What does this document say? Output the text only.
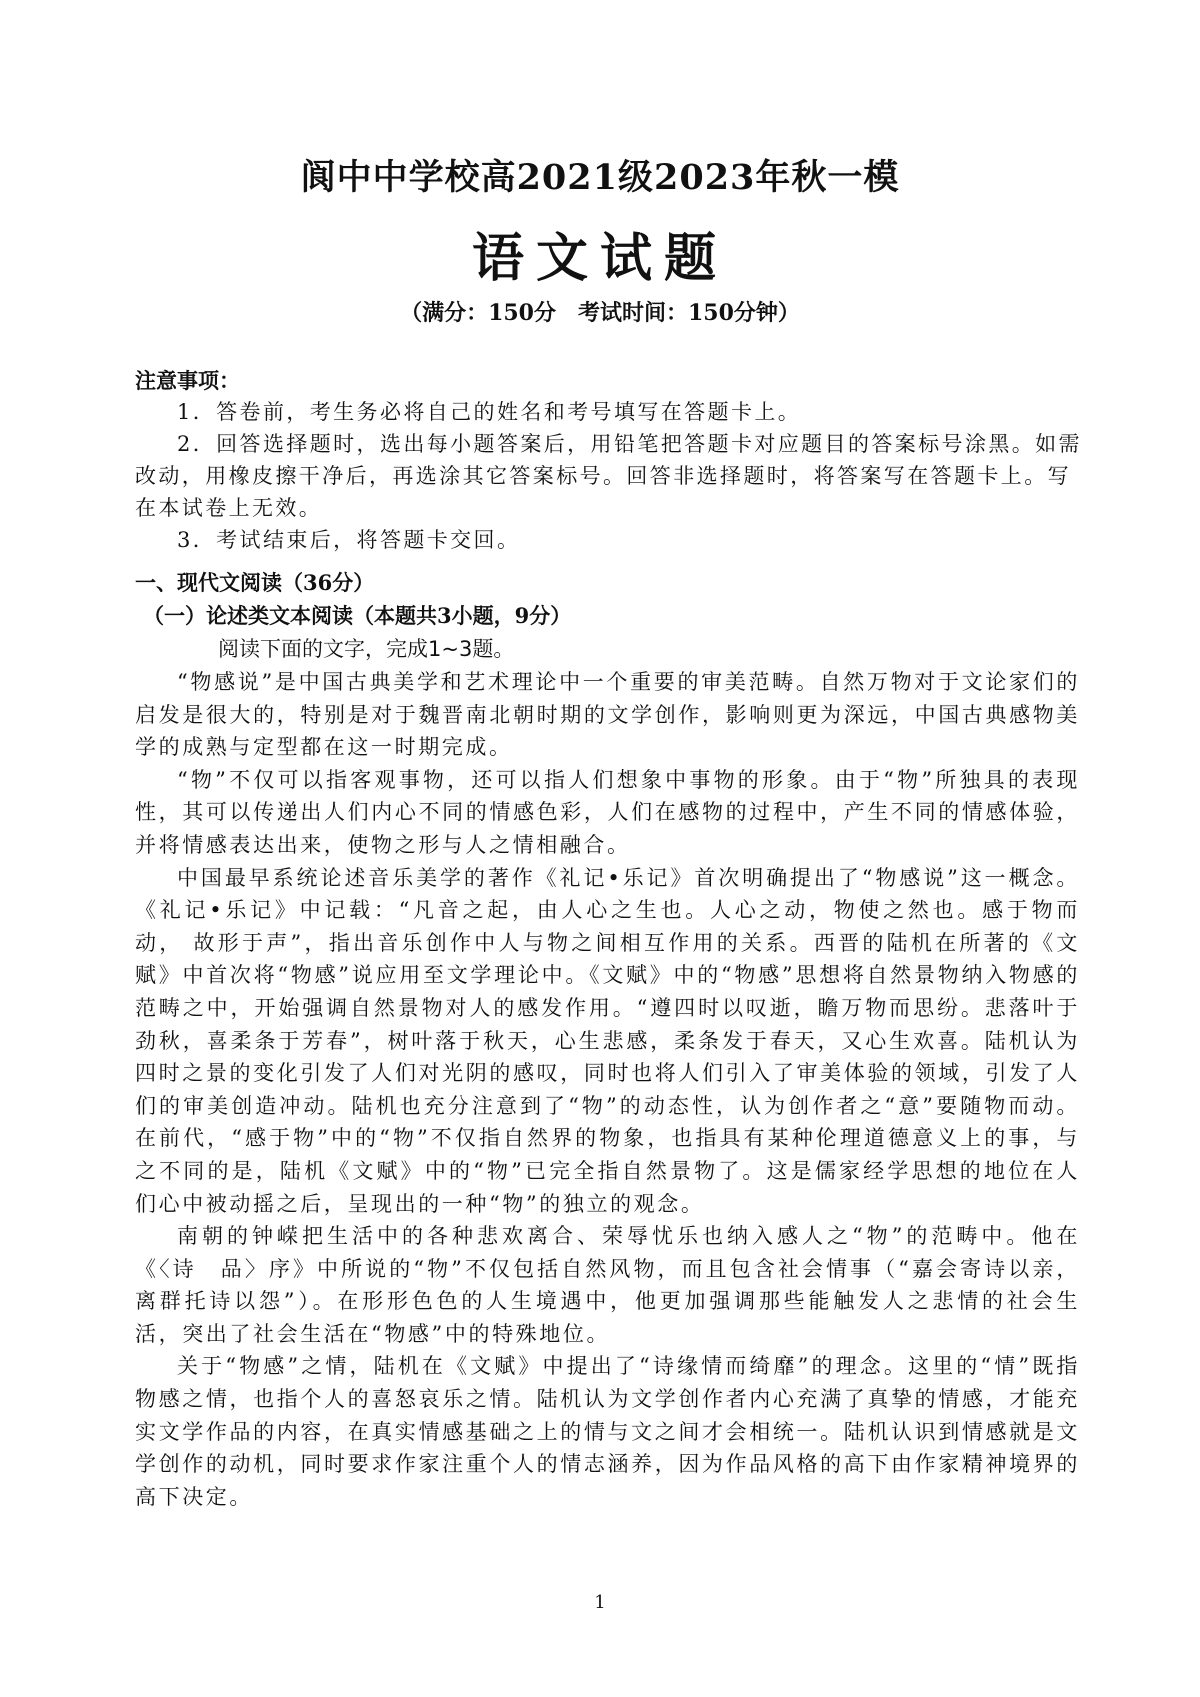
阆中中学校高2021级2023年秋一模
语文试题
（满分：150分　考试时间：150分钟）
注意事项：

1．答卷前，考生务必将自己的姓名和考号填写在答题卡上。

2．回答选择题时，选出每小题答案后，用铅笔把答题卡对应题目的答案标号涂黑。如需改动，用橡皮擦干净后，再选涂其它答案标号。回答非选择题时，将答案写在答题卡上。写在本试卷上无效。

3．考试结束后，将答题卡交回。

一、现代文阅读（36分）
（一）论述类文本阅读（本题共3小题，9分）
阅读下面的文字，完成1~3题。

“物感说”是中国古典美学和艺术理论中一个重要的审美范畴。自然万物对于文论家们的启发是很大的，特别是对于魏晋南北朝时期的文学创作，影响则更为深远，中国古典感物美学的成熟与定型都在这一时期完成。

“物”不仅可以指客观事物，还可以指人们想象中事物的形象。由于“物”所独具的表现性，其可以传递出人们内心不同的情感色彩，人们在感物的过程中，产生不同的情感体验，并将情感表达出来，使物之形与人之情相融合。

中国最早系统论述音乐美学的著作《礼记•乐记》首次明确提出了“物感说”这一概念。《礼记•乐记》中记载：“凡音之起，由人心之生也。人心之动，物使之然也。感于物而动， 故形于声”，指出音乐创作中人与物之间相互作用的关系。西晋的陆机在所著的《文赋》中首次将“物感”说应用至文学理论中。《文赋》中的“物感”思想将自然景物纳入物感的范畴之中，开始强调自然景物对人的感发作用。“遵四时以叹逝，瞻万物而思纷。悲落叶于劲秋，喜柔条于芳春”，树叶落于秋天，心生悲感，柔条发于春天，又心生欢喜。陆机认为四时之景的变化引发了人们对光阴的感叹，同时也将人们引入了审美体验的领域，引发了人们的审美创造冲动。陆机也充分注意到了“物”的动态性，认为创作者之“意”要随物而动。在前代，“感于物”中的“物”不仅指自然界的物象，也指具有某种伦理道德意义上的事，与之不同的是，陆机《文赋》中的“物”已完全指自然景物了。这是儒家经学思想的地位在人们心中被动摇之后，呈现出的一种“物”的独立的观念。

南朝的钟嵘把生活中的各种悲欢离合、荣辱忧乐也纳入感人之“物”的范畴中。他在《〈诗　品〉序》中所说的“物”不仅包括自然风物，而且包含社会情事（“嘉会寄诗以亲，离群托诗以怨”）。在形形色色的人生境遇中，他更加强调那些能触发人之悲情的社会生活，突出了社会生活在“物感”中的特殊地位。

关于“物感”之情，陆机在《文赋》中提出了“诗缘情而绮靡”的理念。这里的“情”既指物感之情，也指个人的喜怒哀乐之情。陆机认为文学创作者内心充满了真挚的情感，才能充实文学作品的内容，在真实情感基础之上的情与文之间才会相统一。陆机认识到情感就是文学创作的动机，同时要求作家注重个人的情志涵养，因为作品风格的高下由作家精神境界的高下决定。

1
